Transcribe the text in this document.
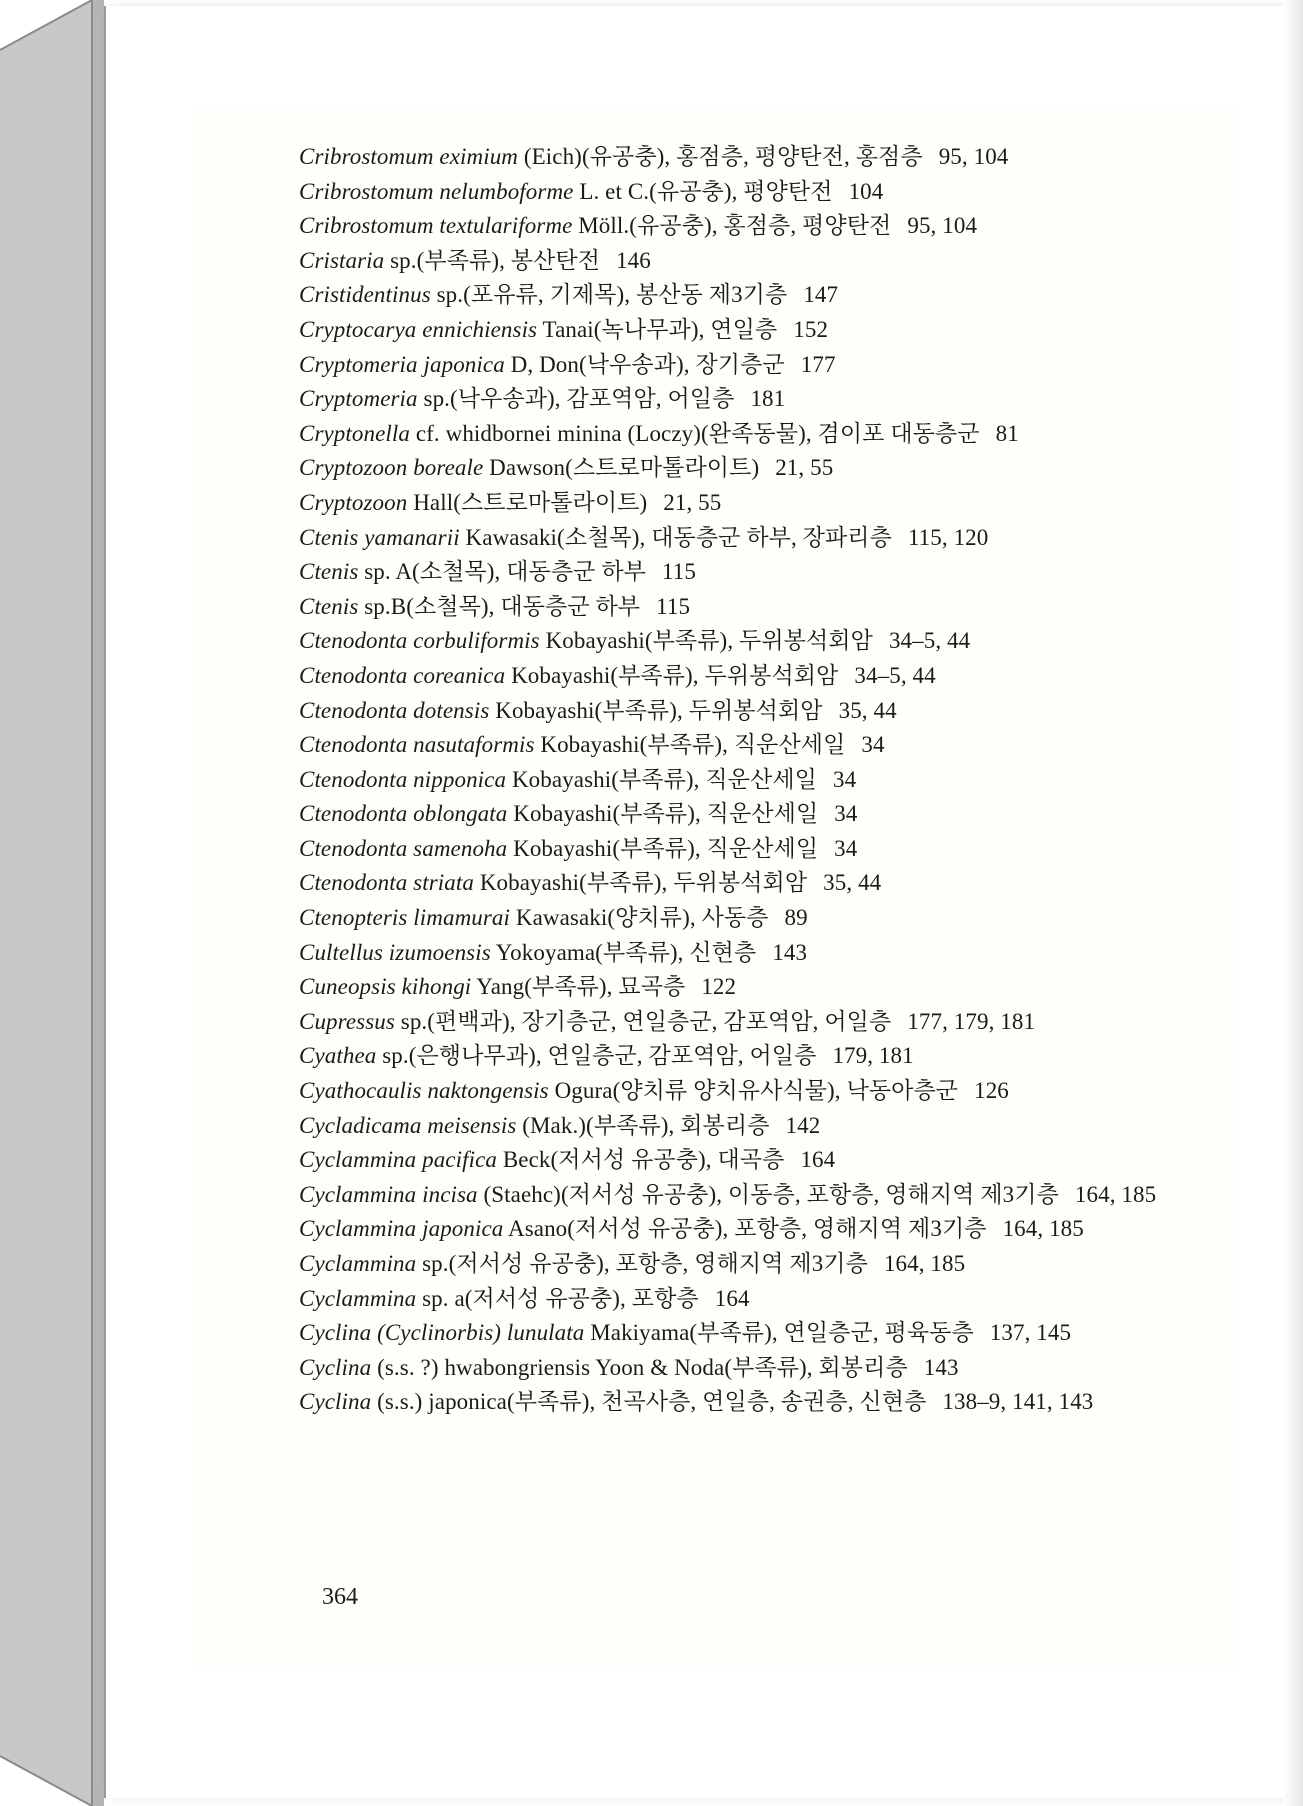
Cribrostomum eximium (Eich)(유공충), 홍점층, 평양탄전, 홍점층 95, 104
Cribrostomum nelumboforme L. et C.(유공충), 평양탄전 104
Cribrostomum textulariforme Möll.(유공충), 홍점층, 평양탄전 95, 104
Cristaria sp.(부족류), 봉산탄전 146
Cristidentinus sp.(포유류, 기제목), 봉산동 제3기층 147
Cryptocarya ennichiensis Tanai(녹나무과), 연일층 152
Cryptomeria japonica D, Don(낙우송과), 장기층군 177
Cryptomeria sp.(낙우송과), 감포역암, 어일층 181
Cryptonella cf. whidbornei minina (Loczy)(완족동물), 겸이포 대동층군 81
Cryptozoon boreale Dawson(스트로마톨라이트) 21, 55
Cryptozoon Hall(스트로마톨라이트) 21, 55
Ctenis yamanarii Kawasaki(소철목), 대동층군 하부, 장파리층 115, 120
Ctenis sp. A(소철목), 대동층군 하부 115
Ctenis sp.B(소철목), 대동층군 하부 115
Ctenodonta corbuliformis Kobayashi(부족류), 두위봉석회암 34–5, 44
Ctenodonta coreanica Kobayashi(부족류), 두위봉석회암 34–5, 44
Ctenodonta dotensis Kobayashi(부족류), 두위봉석회암 35, 44
Ctenodonta nasutaformis Kobayashi(부족류), 직운산세일 34
Ctenodonta nipponica Kobayashi(부족류), 직운산세일 34
Ctenodonta oblongata Kobayashi(부족류), 직운산세일 34
Ctenodonta samenoha Kobayashi(부족류), 직운산세일 34
Ctenodonta striata Kobayashi(부족류), 두위봉석회암 35, 44
Ctenopteris limamurai Kawasaki(양치류), 사동층 89
Cultellus izumoensis Yokoyama(부족류), 신현층 143
Cuneopsis kihongi Yang(부족류), 묘곡층 122
Cupressus sp.(편백과), 장기층군, 연일층군, 감포역암, 어일층 177, 179, 181
Cyathea sp.(은행나무과), 연일층군, 감포역암, 어일층 179, 181
Cyathocaulis naktongensis Ogura(양치류 양치유사식물), 낙동아층군 126
Cycladicama meisensis (Mak.)(부족류), 회봉리층 142
Cyclammina pacifica Beck(저서성 유공충), 대곡층 164
Cyclammina incisa (Staehc)(저서성 유공충), 이동층, 포항층, 영해지역 제3기층 164, 185
Cyclammina japonica Asano(저서성 유공충), 포항층, 영해지역 제3기층 164, 185
Cyclammina sp.(저서성 유공충), 포항층, 영해지역 제3기층 164, 185
Cyclammina sp. a(저서성 유공충), 포항층 164
Cyclina (Cyclinorbis) lunulata Makiyama(부족류), 연일층군, 평육동층 137, 145
Cyclina (s.s. ?) hwabongriensis Yoon & Noda(부족류), 회봉리층 143
Cyclina (s.s.) japonica(부족류), 천곡사층, 연일층, 송권층, 신현층 138–9, 141, 143
364
